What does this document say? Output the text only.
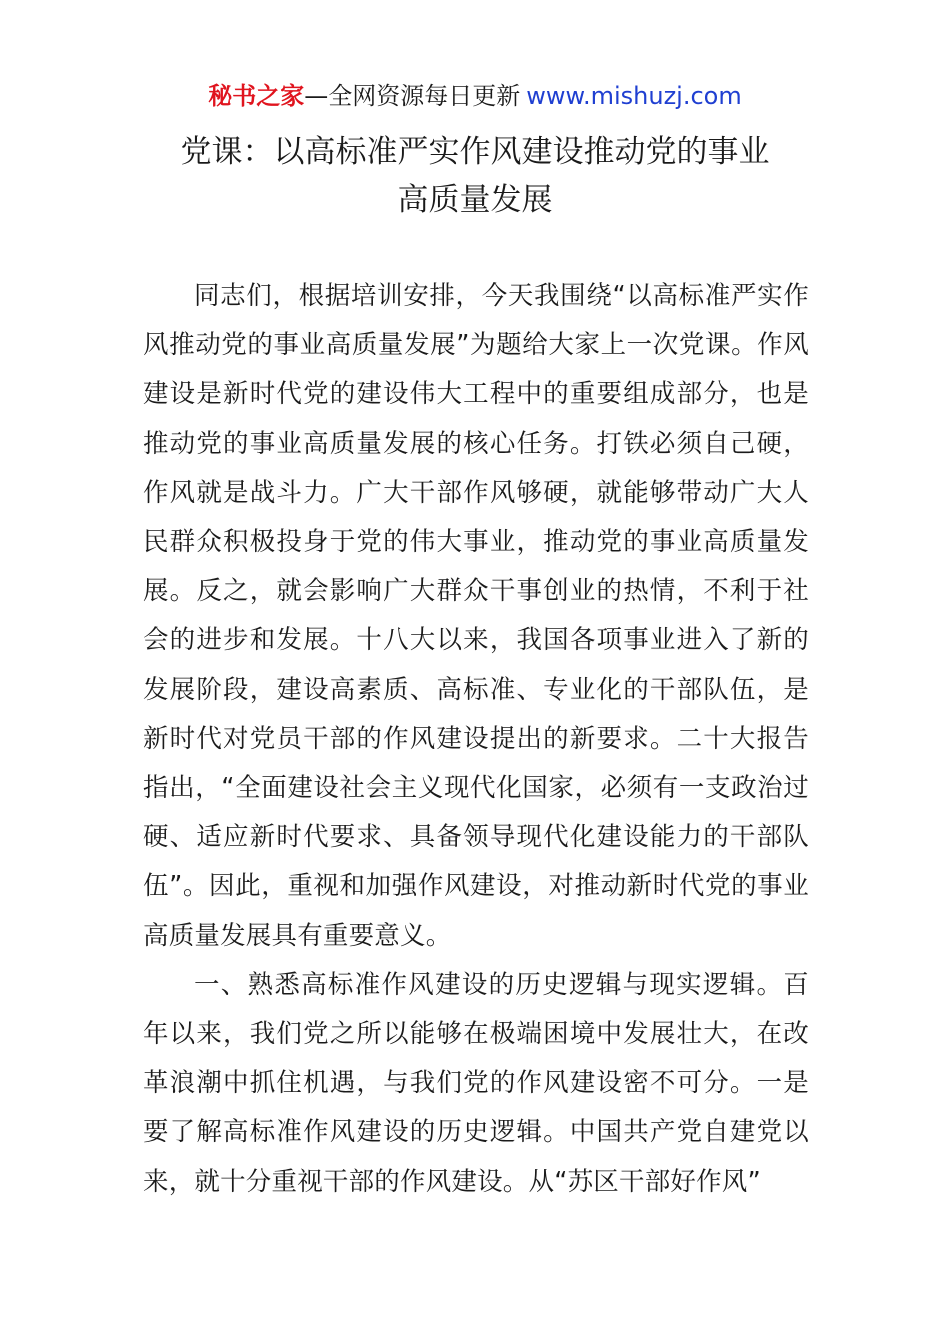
秘书之家—全网资源每日更新 www.mishuzj.com
党课：以高标准严实作风建设推动党的事业
高质量发展

同志们，根据培训安排，今天我围绕“以高标准严实作风推动党的事业高质量发展”为题给大家上一次党课。作风建设是新时代党的建设伟大工程中的重要组成部分，也是推动党的事业高质量发展的核心任务。打铁必须自己硬，作风就是战斗力。广大干部作风够硬，就能够带动广大人民群众积极投身于党的伟大事业，推动党的事业高质量发展。反之，就会影响广大群众干事创业的热情，不利于社会的进步和发展。十八大以来，我国各项事业进入了新的发展阶段，建设高素质、高标准、专业化的干部队伍，是新时代对党员干部的作风建设提出的新要求。二十大报告指出，“全面建设社会主义现代化国家，必须有一支政治过硬、适应新时代要求、具备领导现代化建设能力的干部队伍”。因此，重视和加强作风建设，对推动新时代党的事业高质量发展具有重要意义。

一、熟悉高标准作风建设的历史逻辑与现实逻辑。百年以来，我们党之所以能够在极端困境中发展壮大，在改革浪潮中抓住机遇，与我们党的作风建设密不可分。一是要了解高标准作风建设的历史逻辑。中国共产党自建党以来，就十分重视干部的作风建设。从“苏区干部好作风”
